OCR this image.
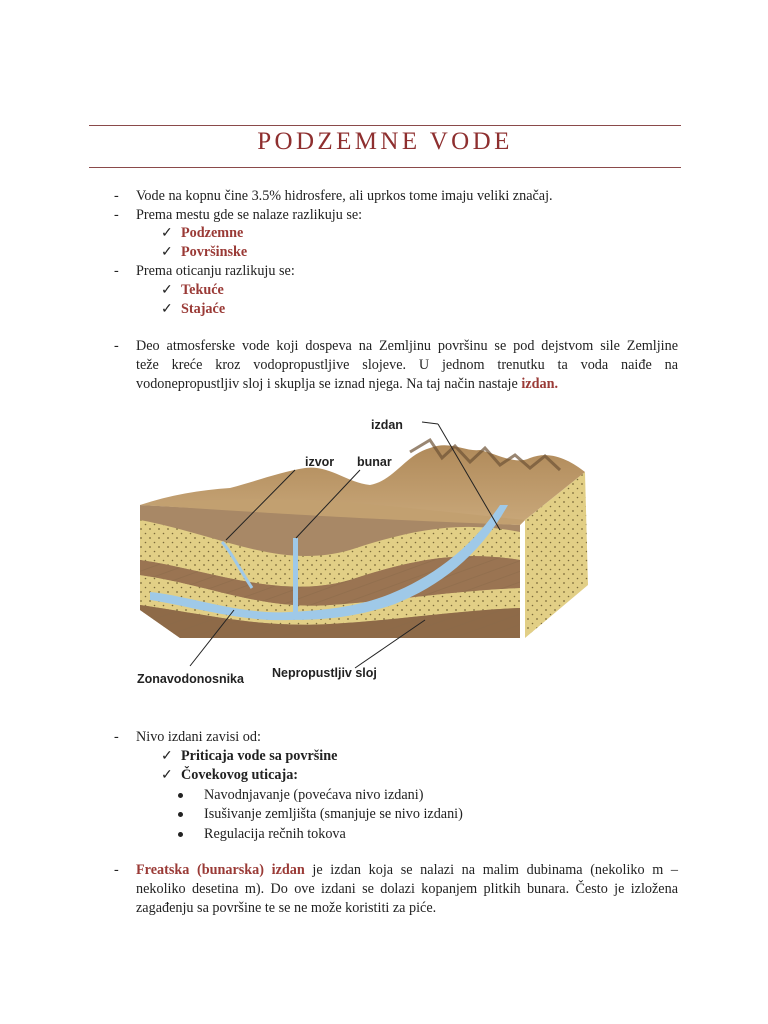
PODZEMNE VODE
- Vode na kopnu čine 3.5% hidrosfere, ali uprkos tome imaju veliki značaj.
- Prema mestu gde se nalaze razlikuju se:
✓ Podzemne
✓ Površinske
- Prema oticanju razlikuju se:
✓ Tekuće
✓ Stajaće
- Deo atmosferske vode koji dospeva na Zemljinu površinu se pod dejstvom sile Zemljine
teže kreće kroz vodopropustljive slojeve. U jednom trenutku ta voda naiđe na
vodonepropustljiv sloj i skuplja se iznad njega. Na taj način nastaje izdan.
izdan
izvor bunar
Zonavodonosnika Nepropustljiv sloj
- Nivo izdani zavisi od:
✓ Priticaja vode sa površine
✓ Čovekovog uticaja:
Navodnjavanje (povećava nivo izdani)
Isušivanje zemljišta (smanjuje se nivo izdani)
Regulacija rečnih tokova
- Freatska (bunarska) izdan je izdan koja se nalazi na malim dubinama (nekoliko m –
nekoliko desetina m). Do ove izdani se dolazi kopanjem plitkih bunara. Često je izložena
zagađenju sa površine te se ne može koristiti za piće.
